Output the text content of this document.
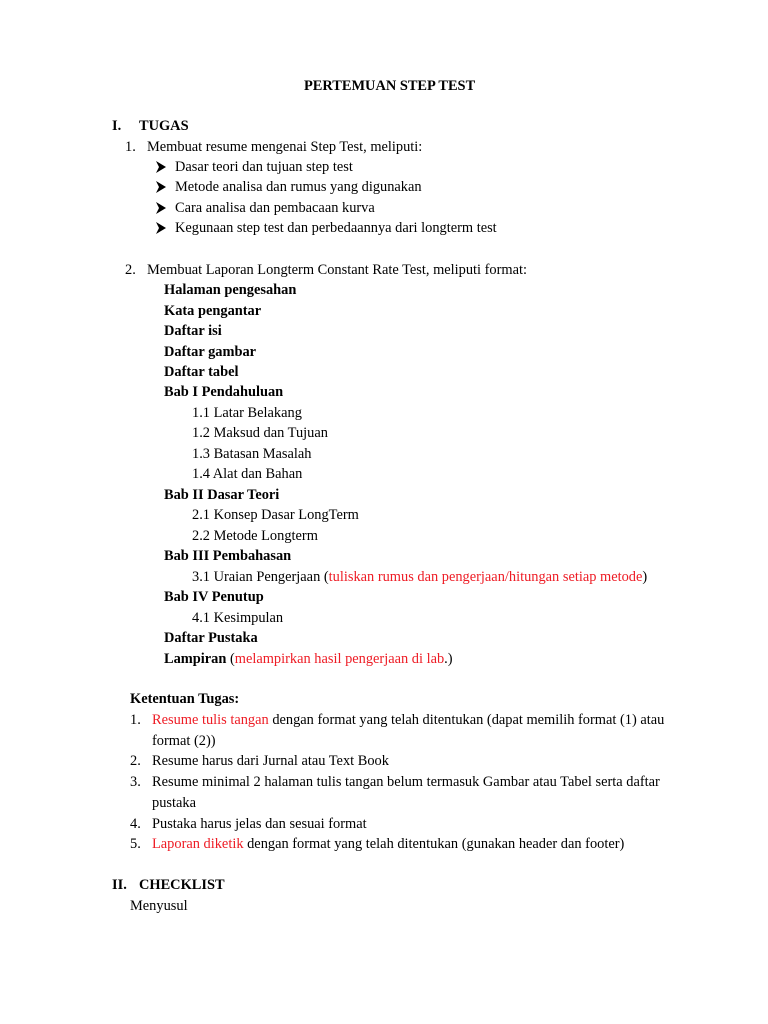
PERTEMUAN STEP TEST
I. TUGAS
1. Membuat resume mengenai Step Test, meliputi:
Dasar teori dan tujuan step test
Metode analisa dan rumus yang digunakan
Cara analisa dan pembacaan kurva
Kegunaan step test dan perbedaannya dari longterm test
2. Membuat Laporan Longterm Constant Rate Test, meliputi format:
Halaman pengesahan
Kata pengantar
Daftar isi
Daftar gambar
Daftar tabel
Bab I Pendahuluan
1.1 Latar Belakang
1.2 Maksud dan Tujuan
1.3 Batasan Masalah
1.4 Alat dan Bahan
Bab II Dasar Teori
2.1 Konsep Dasar LongTerm
2.2 Metode Longterm
Bab III Pembahasan
3.1 Uraian Pengerjaan (tuliskan rumus dan pengerjaan/hitungan setiap metode)
Bab IV Penutup
4.1 Kesimpulan
Daftar Pustaka
Lampiran (melampirkan hasil pengerjaan di lab.)
Ketentuan Tugas:
1. Resume tulis tangan dengan format yang telah ditentukan (dapat memilih format (1) atau
format (2))
2. Resume harus dari Jurnal atau Text Book
3. Resume minimal 2 halaman tulis tangan belum termasuk Gambar atau Tabel serta daftar
pustaka
4. Pustaka harus jelas dan sesuai format
5. Laporan diketik dengan format yang telah ditentukan (gunakan header dan footer)
II. CHECKLIST
Menyusul
